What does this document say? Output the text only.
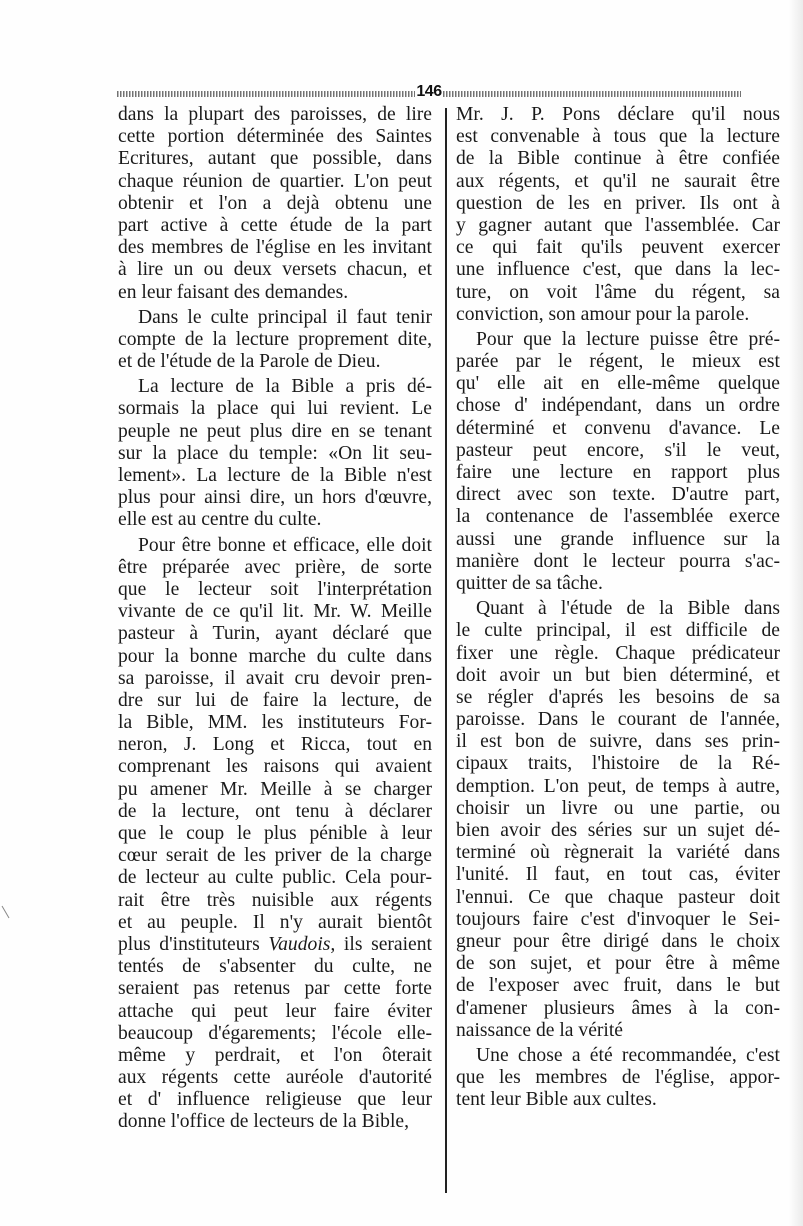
146
dans la plupart des paroisses, de lire
cette portion déterminée des Saintes
Ecritures, autant que possible, dans
chaque réunion de quartier. L'on peut
obtenir et l'on a dejà obtenu une
part active à cette étude de la part
des membres de l'église en les invitant
à lire un ou deux versets chacun, et
en leur faisant des demandes.
Dans le culte principal il faut tenir
compte de la lecture proprement dite,
et de l'étude de la Parole de Dieu.
La lecture de la Bible a pris dé-
sormais la place qui lui revient. Le
peuple ne peut plus dire en se tenant
sur la place du temple: «On lit seu-
lement». La lecture de la Bible n'est
plus pour ainsi dire, un hors d'œuvre,
elle est au centre du culte.
Pour être bonne et efficace, elle doit
être préparée avec prière, de sorte
que le lecteur soit l'interprétation
vivante de ce qu'il lit. Mr. W. Meille
pasteur à Turin, ayant déclaré que
pour la bonne marche du culte dans
sa paroisse, il avait cru devoir pren-
dre sur lui de faire la lecture, de
la Bible, MM. les instituteurs For-
neron, J. Long et Ricca, tout en
comprenant les raisons qui avaient
pu amener Mr. Meille à se charger
de la lecture, ont tenu à déclarer
que le coup le plus pénible à leur
cœur serait de les priver de la charge
de lecteur au culte public. Cela pour-
rait être très nuisible aux régents
et au peuple. Il n'y aurait bientôt
plus d'instituteurs Vaudois, ils seraient
tentés de s'absenter du culte, ne
seraient pas retenus par cette forte
attache qui peut leur faire éviter
beaucoup d'égarements; l'école elle-
même y perdrait, et l'on ôterait
aux régents cette auréole d'autorité
et d' influence religieuse que leur
donne l'office de lecteurs de la Bible,
Mr. J. P. Pons déclare qu'il nous
est convenable à tous que la lecture
de la Bible continue à être confiée
aux régents, et qu'il ne saurait être
question de les en priver. Ils ont à
y gagner autant que l'assemblée. Car
ce qui fait qu'ils peuvent exercer
une influence c'est, que dans la lec-
ture, on voit l'âme du régent, sa
conviction, son amour pour la parole.
Pour que la lecture puisse être pré-
parée par le régent, le mieux est
qu' elle ait en elle-même quelque
chose d' indépendant, dans un ordre
déterminé et convenu d'avance. Le
pasteur peut encore, s'il le veut,
faire une lecture en rapport plus
direct avec son texte. D'autre part,
la contenance de l'assemblée exerce
aussi une grande influence sur la
manière dont le lecteur pourra s'ac-
quitter de sa tâche.
Quant à l'étude de la Bible dans
le culte principal, il est difficile de
fixer une règle. Chaque prédicateur
doit avoir un but bien déterminé, et
se régler d'aprés les besoins de sa
paroisse. Dans le courant de l'année,
il est bon de suivre, dans ses prin-
cipaux traits, l'histoire de la Ré-
demption. L'on peut, de temps à autre,
choisir un livre ou une partie, ou
bien avoir des séries sur un sujet dé-
terminé où règnerait la variété dans
l'unité. Il faut, en tout cas, éviter
l'ennui. Ce que chaque pasteur doit
toujours faire c'est d'invoquer le Sei-
gneur pour être dirigé dans le choix
de son sujet, et pour être à même
de l'exposer avec fruit, dans le but
d'amener plusieurs âmes à la con-
naissance de la vérité
Une chose a été recommandée, c'est
que les membres de l'église, appor-
tent leur Bible aux cultes.
